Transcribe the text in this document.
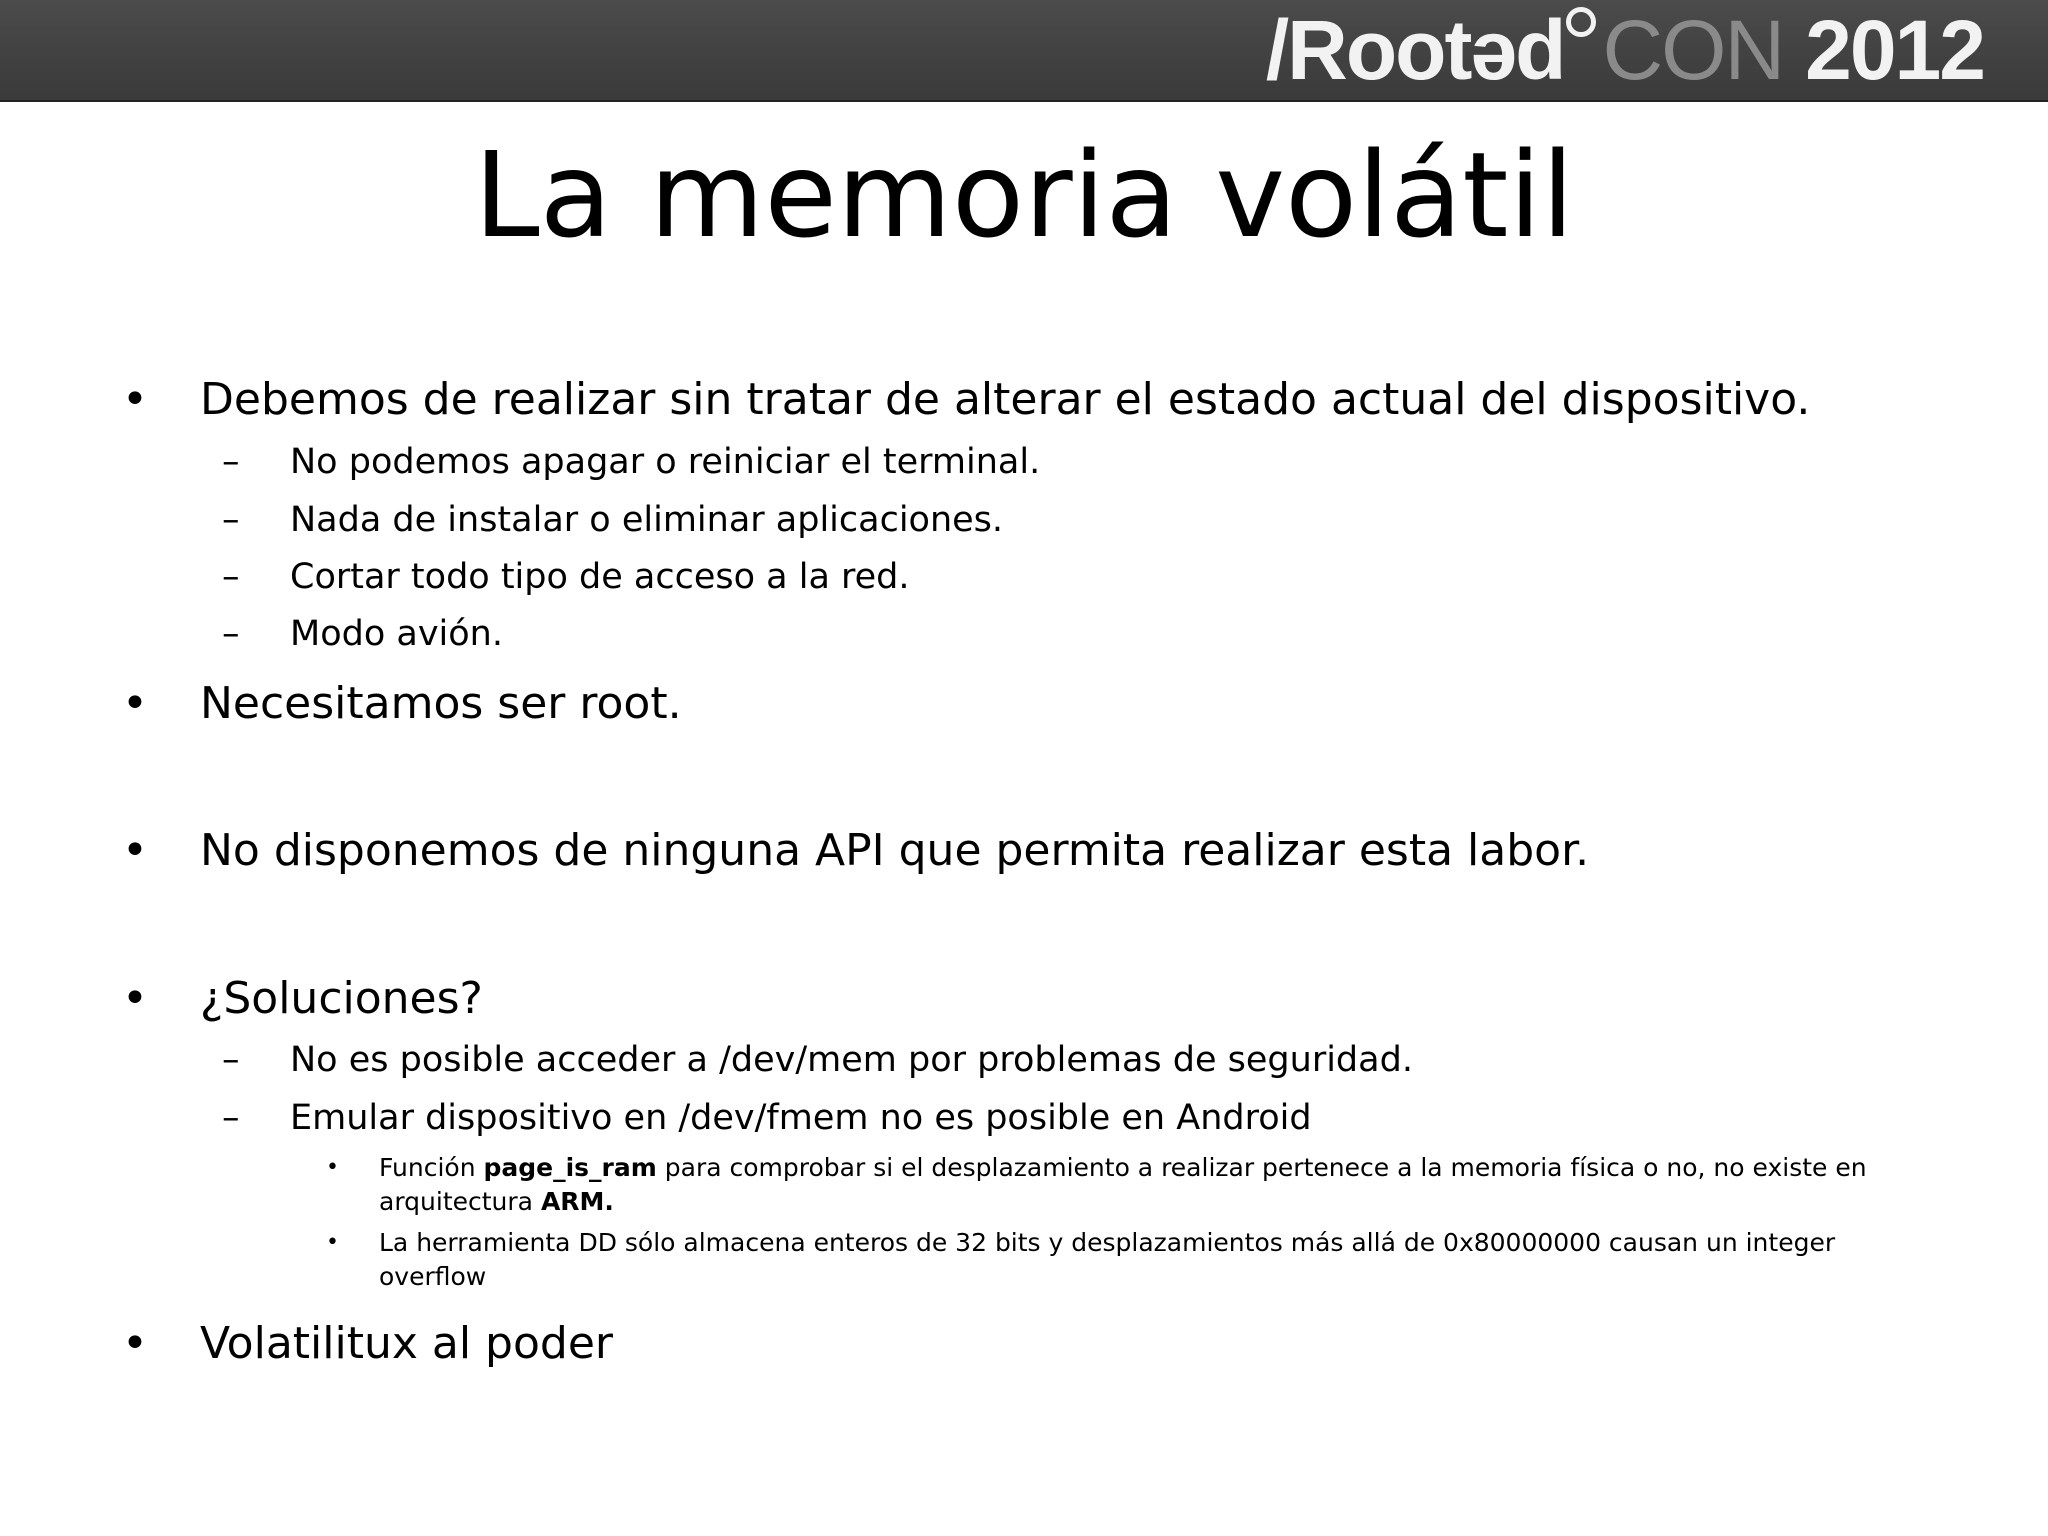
/Rootəd CON 2012
La memoria volátil
• Debemos de realizar sin tratar de alterar el estado actual del dispositivo.
– No podemos apagar o reiniciar el terminal.
– Nada de instalar o eliminar aplicaciones.
– Cortar todo tipo de acceso a la red.
– Modo avión.
• Necesitamos ser root.
• No disponemos de ninguna API que permita realizar esta labor.
• ¿Soluciones?
– No es posible acceder a /dev/mem por problemas de seguridad.
– Emular dispositivo en /dev/fmem no es posible en Android
• Función page_is_ram para comprobar si el desplazamiento a realizar pertenece a la memoria física o no, no existe en arquitectura ARM.
• La herramienta DD sólo almacena enteros de 32 bits y desplazamientos más allá de 0x80000000 causan un integer overflow
• Volatilitux al poder
